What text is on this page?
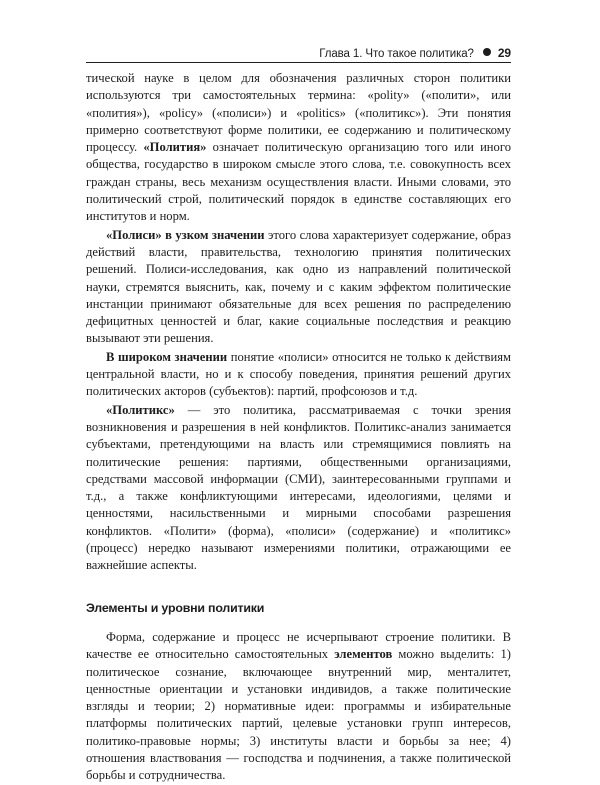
Глава 1. Что такое политика? 29

тической науке в целом для обозначения различных сторон политики используются три самостоятельных термина: «polity» («полити», или «полития»), «policy» («полиси») и «politics» («политикс»). Эти понятия примерно соответствуют форме политики, ее содержанию и политическому процессу. «Полития» означает политическую организацию того или иного общества, государство в широком смысле этого слова, т.е. совокупность всех граждан страны, весь механизм осуществления власти. Иными словами, это политический строй, политический порядок в единстве составляющих его институтов и норм.

«Полиси» в узком значении этого слова характеризует содержание, образ действий власти, правительства, технологию принятия политических решений. Полиси-исследования, как одно из направлений политической науки, стремятся выяснить, как, почему и с каким эффектом политические инстанции принимают обязательные для всех решения по распределению дефицитных ценностей и благ, какие социальные последствия и реакцию вызывают эти решения.

В широком значении понятие «полиси» относится не только к действиям центральной власти, но и к способу поведения, принятия решений других политических акторов (субъектов): партий, профсоюзов и т.д.

«Политикс» — это политика, рассматриваемая с точки зрения возникновения и разрешения в ней конфликтов. Политикс-анализ занимается субъектами, претендующими на власть или стремящимися повлиять на политические решения: партиями, общественными организациями, средствами массовой информации (СМИ), заинтересованными группами и т.д., а также конфликтующими интересами, идеологиями, целями и ценностями, насильственными и мирными способами разрешения конфликтов. «Полити» (форма), «полиси» (содержание) и «политикс» (процесс) нередко называют измерениями политики, отражающими ее важнейшие аспекты.

Элементы и уровни политики

Форма, содержание и процесс не исчерпывают строение политики. В качестве ее относительно самостоятельных элементов можно выделить: 1) политическое сознание, включающее внутренний мир, менталитет, ценностные ориентации и установки индивидов, а также политические взгляды и теории; 2) нормативные идеи: программы и избирательные платформы политических партий, целевые установки групп интересов, политико-правовые нормы; 3) институты власти и борьбы за нее; 4) отношения властвования — господства и подчинения, а также политической борьбы и сотрудничества.
